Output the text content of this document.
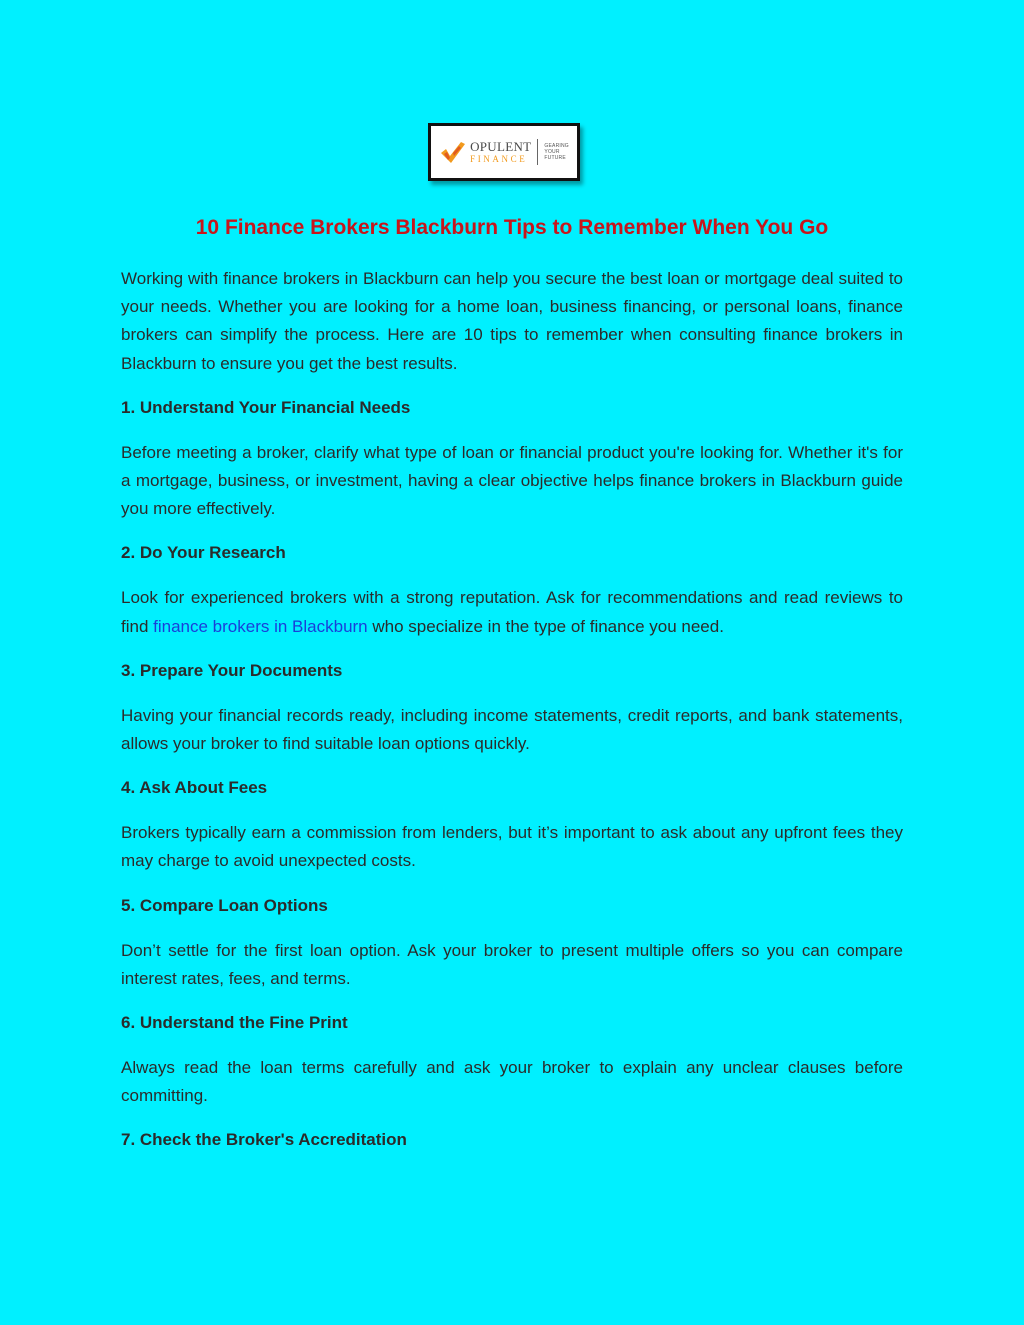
OPULENT
FINANCE
GEARING
YOUR
FUTURE
10 Finance Brokers Blackburn Tips to Remember When You Go

Working with finance brokers in Blackburn can help you secure the best loan or mortgage deal suited to your needs. Whether you are looking for a home loan, business financing, or personal loans, finance brokers can simplify the process. Here are 10 tips to remember when consulting finance brokers in Blackburn to ensure you get the best results.

1. Understand Your Financial Needs

Before meeting a broker, clarify what type of loan or financial product you're looking for. Whether it's for a mortgage, business, or investment, having a clear objective helps finance brokers in Blackburn guide you more effectively.

2. Do Your Research

Look for experienced brokers with a strong reputation. Ask for recommendations and read reviews to find finance brokers in Blackburn who specialize in the type of finance you need.

3. Prepare Your Documents

Having your financial records ready, including income statements, credit reports, and bank statements, allows your broker to find suitable loan options quickly.

4. Ask About Fees

Brokers typically earn a commission from lenders, but it’s important to ask about any upfront fees they may charge to avoid unexpected costs.

5. Compare Loan Options

Don’t settle for the first loan option. Ask your broker to present multiple offers so you can compare interest rates, fees, and terms.

6. Understand the Fine Print

Always read the loan terms carefully and ask your broker to explain any unclear clauses before committing.

7. Check the Broker's Accreditation
